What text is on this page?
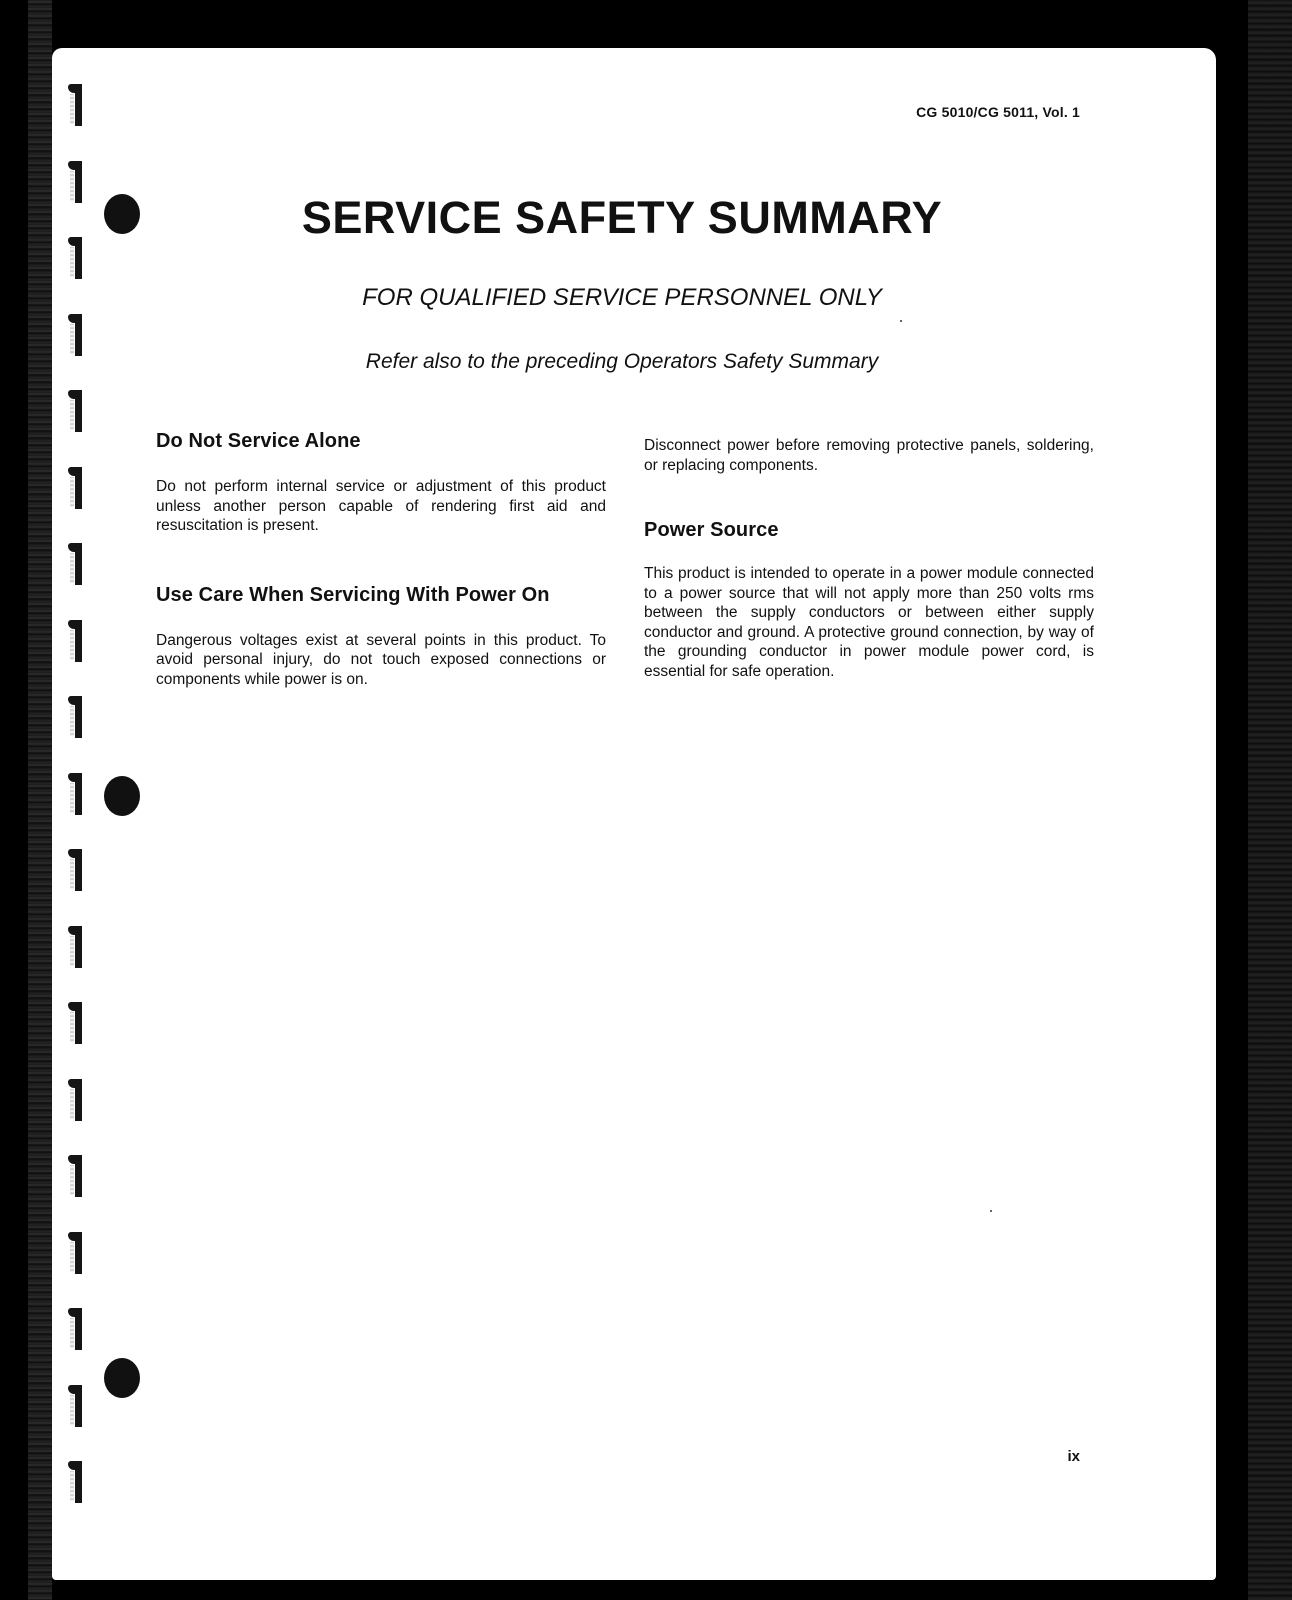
CG 5010/CG 5011, Vol. 1
SERVICE SAFETY SUMMARY

FOR QUALIFIED SERVICE PERSONNEL ONLY

Refer also to the preceding Operators Safety Summary

Do Not Service Alone

Do not perform internal service or adjustment of this product unless another person capable of rendering first aid and resuscitation is present.

Use Care When Servicing With Power On

Dangerous voltages exist at several points in this product. To avoid personal injury, do not touch exposed connections or components while power is on.

Disconnect power before removing protective panels, soldering, or replacing components.

Power Source

This product is intended to operate in a power module connected to a power source that will not apply more than 250 volts rms between the supply conductors or between either supply conductor and ground. A protective ground connection, by way of the grounding conductor in power module power cord, is essential for safe operation.

ix
